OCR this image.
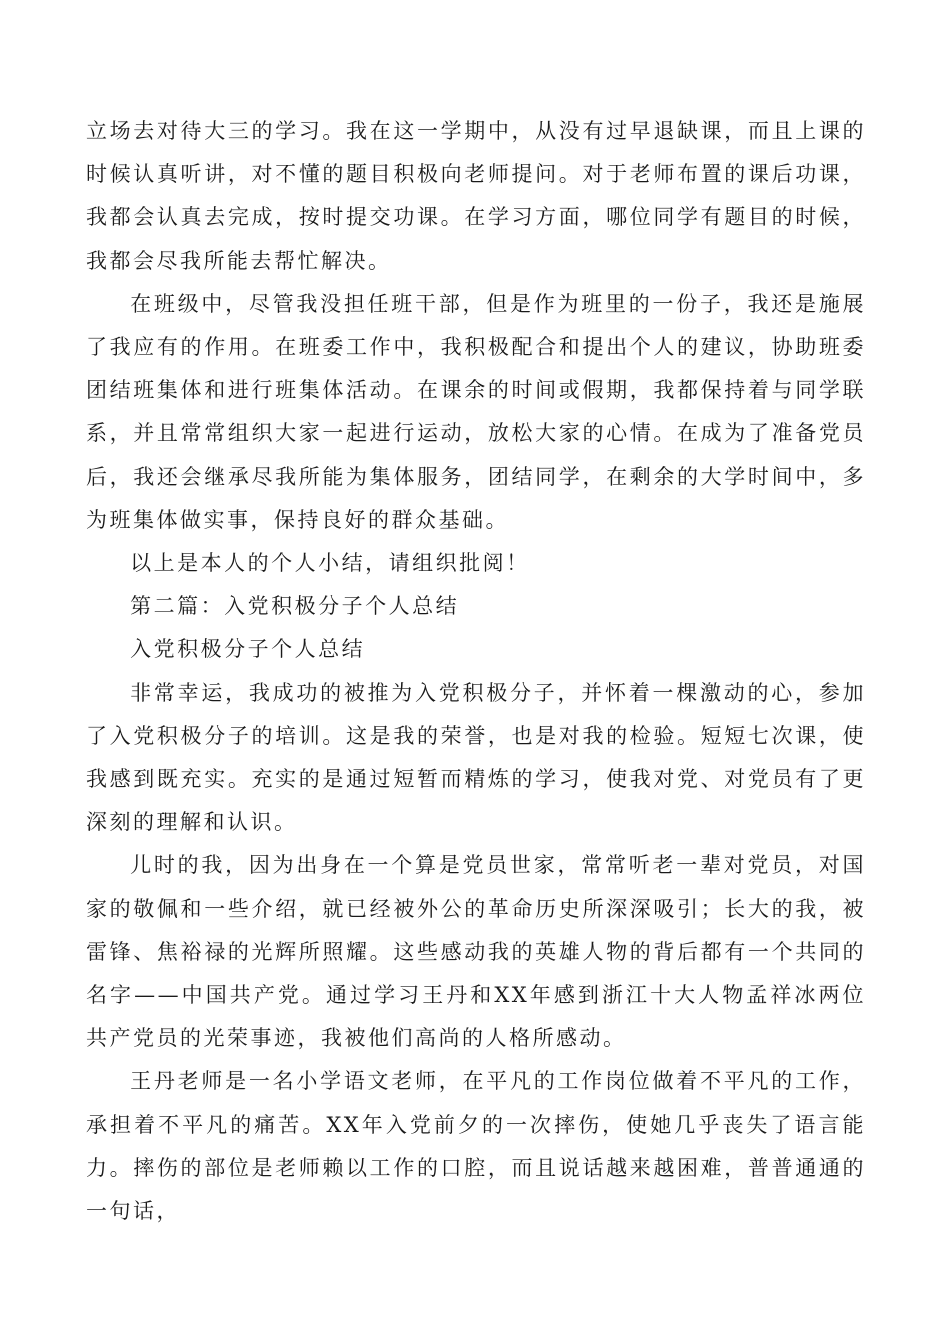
立场去对待大三的学习。我在这一学期中，从没有过早退缺课，而且上课的时候认真听讲，对不懂的题目积极向老师提问。对于老师布置的课后功课，我都会认真去完成，按时提交功课。在学习方面，哪位同学有题目的时候，我都会尽我所能去帮忙解决。

在班级中，尽管我没担任班干部，但是作为班里的一份子，我还是施展了我应有的作用。在班委工作中，我积极配合和提出个人的建议，协助班委团结班集体和进行班集体活动。在课余的时间或假期，我都保持着与同学联系，并且常常组织大家一起进行运动，放松大家的心情。在成为了准备党员后，我还会继承尽我所能为集体服务，团结同学，在剩余的大学时间中，多为班集体做实事，保持良好的群众基础。

以上是本人的个人小结，请组织批阅！

第二篇：入党积极分子个人总结

入党积极分子个人总结

非常幸运，我成功的被推为入党积极分子，并怀着一棵激动的心，参加了入党积极分子的培训。这是我的荣誉，也是对我的检验。短短七次课，使我感到既充实。充实的是通过短暂而精炼的学习，使我对党、对党员有了更深刻的理解和认识。

儿时的我，因为出身在一个算是党员世家，常常听老一辈对党员，对国家的敬佩和一些介绍，就已经被外公的革命历史所深深吸引；长大的我，被雷锋、焦裕禄的光辉所照耀。这些感动我的英雄人物的背后都有一个共同的名字——中国共产党。通过学习王丹和XX年感到浙江十大人物孟祥冰两位共产党员的光荣事迹，我被他们高尚的人格所感动。

王丹老师是一名小学语文老师，在平凡的工作岗位做着不平凡的工作，承担着不平凡的痛苦。XX年入党前夕的一次摔伤，使她几乎丧失了语言能力。摔伤的部位是老师赖以工作的口腔，而且说话越来越困难，普普通通的一句话，
